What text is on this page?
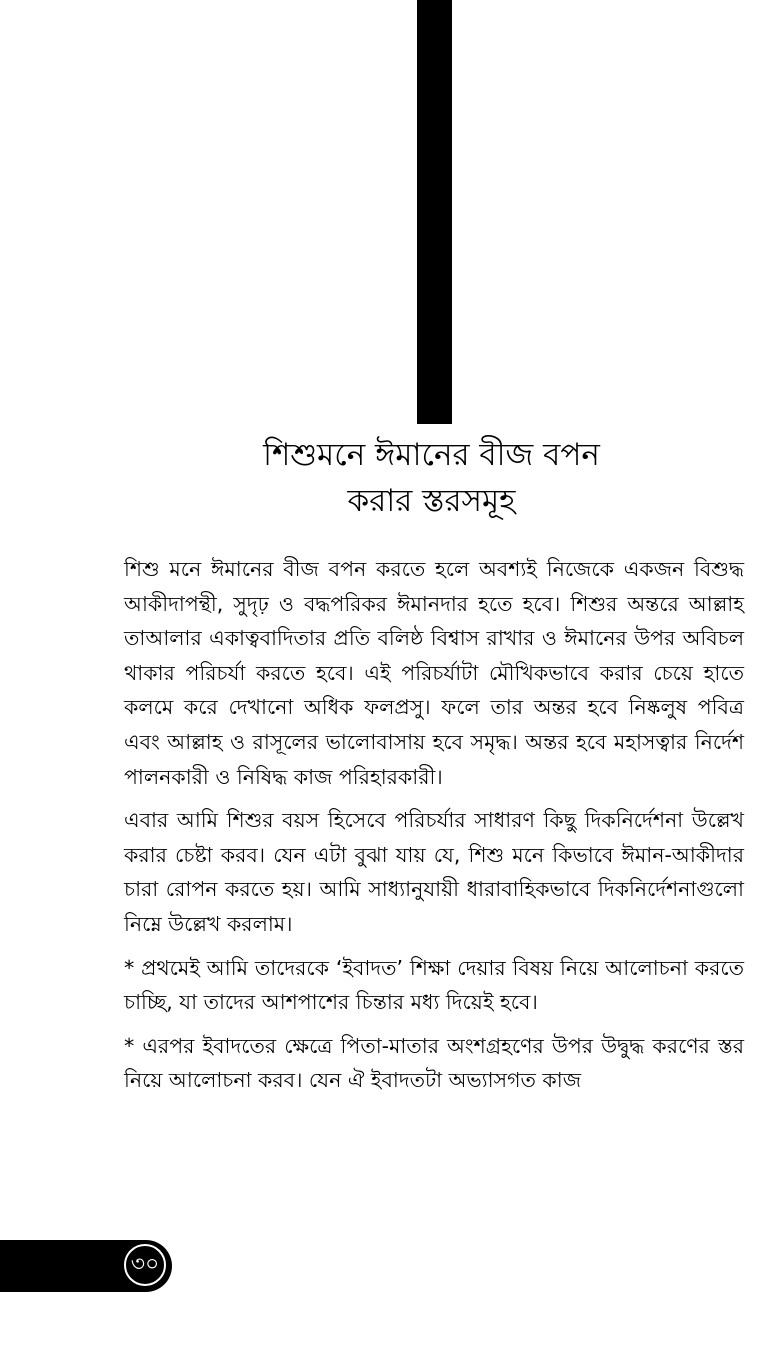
শিশুমনে ঈমানের বীজ বপন
করার স্তরসমূহ

শিশু মনে ঈমানের বীজ বপন করতে হলে অবশ্যই নিজেকে একজন বিশুদ্ধ আকীদাপন্থী, সুদৃঢ় ও বদ্ধপরিকর ঈমানদার হতে হবে। শিশুর অন্তরে আল্লাহ তাআলার একাত্ববাদিতার প্রতি বলিষ্ঠ বিশ্বাস রাখার ও ঈমানের উপর অবিচল থাকার পরিচর্যা করতে হবে। এই পরিচর্যাটা মৌখিকভাবে করার চেয়ে হাতে কলমে করে দেখানো অধিক ফলপ্রসু। ফলে তার অন্তর হবে নিষ্কলুষ পবিত্র এবং আল্লাহ ও রাসূলের ভালোবাসায় হবে সমৃদ্ধ। অন্তর হবে মহাসত্বার নির্দেশ পালনকারী ও নিষিদ্ধ কাজ পরিহারকারী।

এবার আমি শিশুর বয়স হিসেবে পরিচর্যার সাধারণ কিছু দিকনির্দেশনা উল্লেখ করার চেষ্টা করব। যেন এটা বুঝা যায় যে, শিশু মনে কিভাবে ঈমান-আকীদার চারা রোপন করতে হয়। আমি সাধ্যানুযায়ী ধারাবাহিকভাবে দিকনির্দেশনাগুলো নিম্নে উল্লেখ করলাম।

* প্রথমেই আমি তাদেরকে ‘ইবাদত’ শিক্ষা দেয়ার বিষয় নিয়ে আলোচনা করতে চাচ্ছি, যা তাদের আশপাশের চিন্তার মধ্য দিয়েই হবে।

* এরপর ইবাদতের ক্ষেত্রে পিতা-মাতার অংশগ্রহণের উপর উদ্বুদ্ধ করণের স্তর নিয়ে আলোচনা করব। যেন ঐ ইবাদতটা অভ্যাসগত কাজ

৩০
